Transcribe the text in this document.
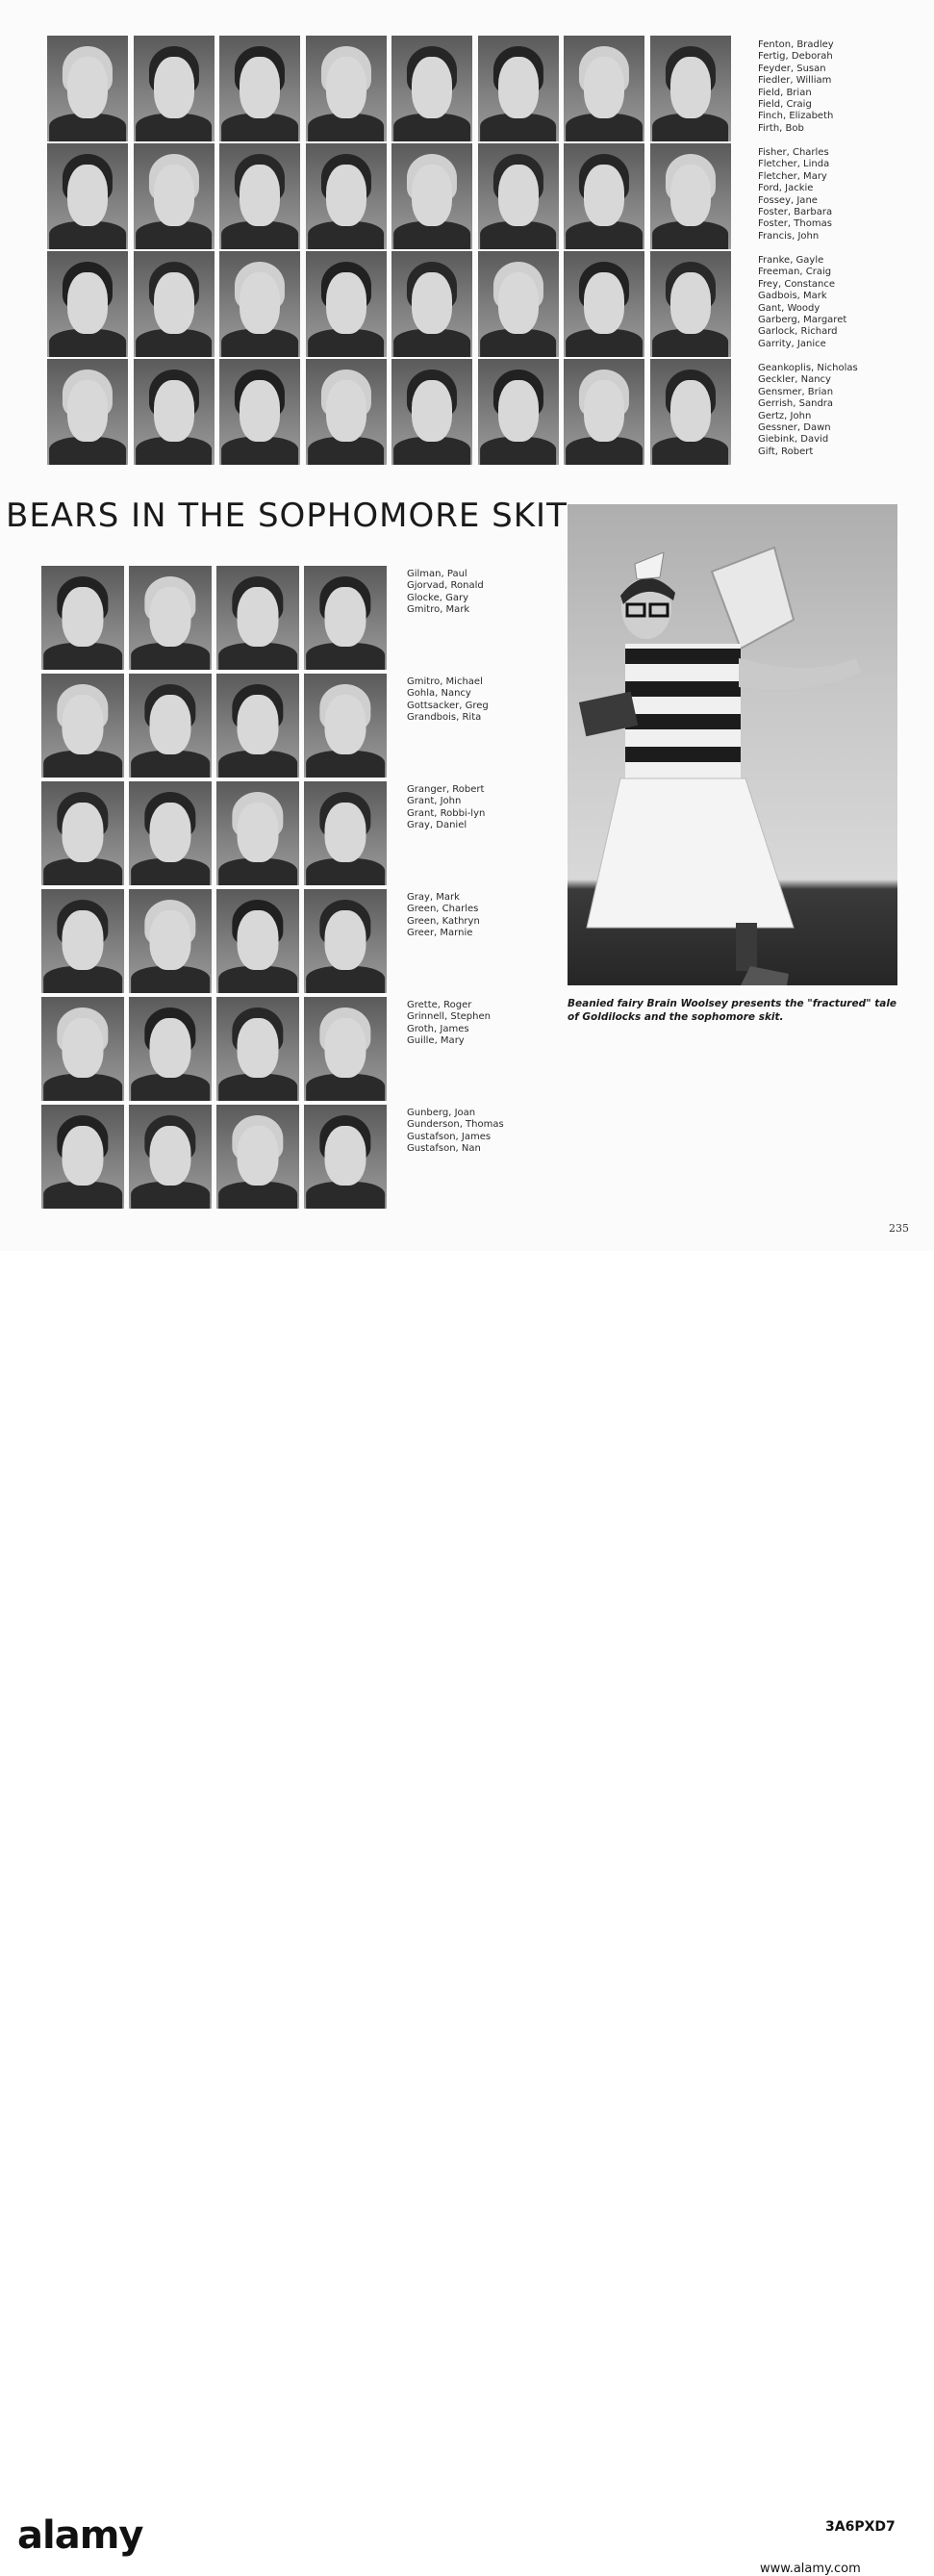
Fenton, Bradley
Fertig, Deborah
Feyder, Susan
Fiedler, William
Field, Brian
Field, Craig
Finch, Elizabeth
Firth, Bob
Fisher, Charles
Fletcher, Linda
Fletcher, Mary
Ford, Jackie
Fossey, Jane
Foster, Barbara
Foster, Thomas
Francis, John
Franke, Gayle
Freeman, Craig
Frey, Constance
Gadbois, Mark
Gant, Woody
Garberg, Margaret
Garlock, Richard
Garrity, Janice
Geankoplis, Nicholas
Geckler, Nancy
Gensmer, Brian
Gerrish, Sandra
Gertz, John
Gessner, Dawn
Giebink, David
Gift, Robert
BEARS IN THE SOPHOMORE SKIT
Gilman, Paul
Gjorvad, Ronald
Glocke, Gary
Gmitro, Mark
Gmitro, Michael
Gohla, Nancy
Gottsacker, Greg
Grandbois, Rita
Granger, Robert
Grant, John
Grant, Robbi-lyn
Gray, Daniel
Gray, Mark
Green, Charles
Green, Kathryn
Greer, Marnie
Grette, Roger
Grinnell, Stephen
Groth, James
Guille, Mary
Gunberg, Joan
Gunderson, Thomas
Gustafson, James
Gustafson, Nan
Beanied fairy Brain Woolsey presents the "fractured" tale of Goldilocks and the sophomore skit.
235
alamy	3A6PXD7
www.alamy.com
